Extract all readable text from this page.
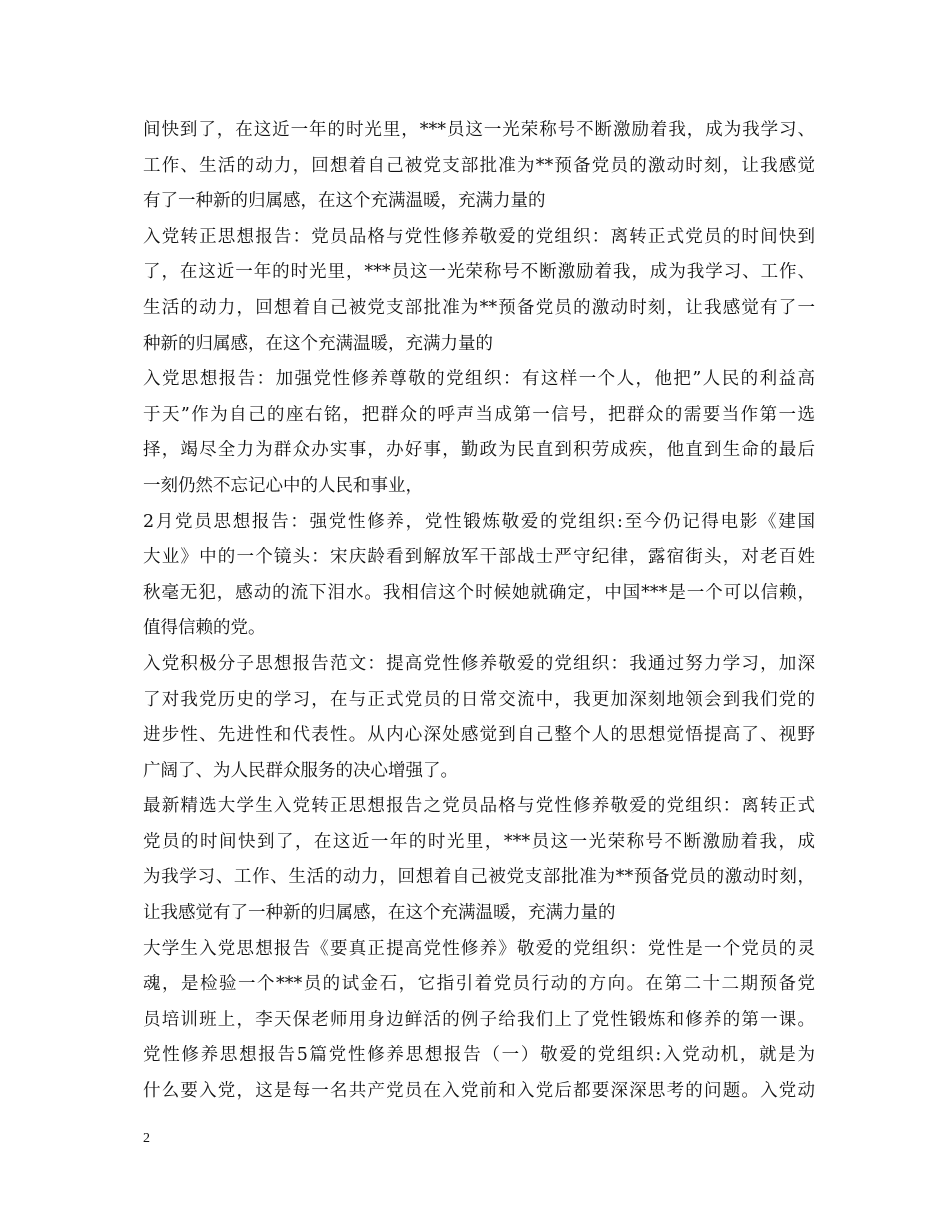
间快到了，在这近一年的时光里，***员这一光荣称号不断激励着我，成为我学习、
工作、生活的动力，回想着自己被党支部批准为**预备党员的激动时刻，让我感觉
有了一种新的归属感，在这个充满温暖，充满力量的
入党转正思想报告：党员品格与党性修养敬爱的党组织：离转正式党员的时间快到
了，在这近一年的时光里，***员这一光荣称号不断激励着我，成为我学习、工作、
生活的动力，回想着自己被党支部批准为**预备党员的激动时刻，让我感觉有了一
种新的归属感，在这个充满温暖，充满力量的
入党思想报告：加强党性修养尊敬的党组织：有这样一个人，他把”人民的利益高
于天”作为自己的座右铭，把群众的呼声当成第一信号，把群众的需要当作第一选
择，竭尽全力为群众办实事，办好事，勤政为民直到积劳成疾，他直到生命的最后
一刻仍然不忘记心中的人民和事业，
2月党员思想报告：强党性修养，党性锻炼敬爱的党组织:至今仍记得电影《建国
大业》中的一个镜头：宋庆龄看到解放军干部战士严守纪律，露宿街头，对老百姓
秋毫无犯，感动的流下泪水。我相信这个时候她就确定，中国***是一个可以信赖，
值得信赖的党。
入党积极分子思想报告范文：提高党性修养敬爱的党组织：我通过努力学习，加深
了对我党历史的学习，在与正式党员的日常交流中，我更加深刻地领会到我们党的
进步性、先进性和代表性。从内心深处感觉到自己整个人的思想觉悟提高了、视野
广阔了、为人民群众服务的决心增强了。
最新精选大学生入党转正思想报告之党员品格与党性修养敬爱的党组织：离转正式
党员的时间快到了，在这近一年的时光里，***员这一光荣称号不断激励着我，成
为我学习、工作、生活的动力，回想着自己被党支部批准为**预备党员的激动时刻，
让我感觉有了一种新的归属感，在这个充满温暖，充满力量的
大学生入党思想报告《要真正提高党性修养》敬爱的党组织：党性是一个党员的灵
魂，是检验一个***员的试金石，它指引着党员行动的方向。在第二十二期预备党
员培训班上，李天保老师用身边鲜活的例子给我们上了党性锻炼和修养的第一课。
党性修养思想报告5篇党性修养思想报告（一）敬爱的党组织:入党动机，就是为
什么要入党，这是每一名共产党员在入党前和入党后都要深深思考的问题。入党动
2
